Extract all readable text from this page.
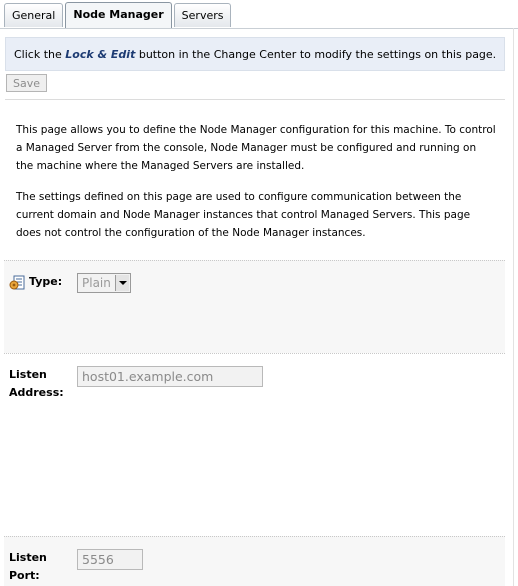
General	Node Manager	Servers
Click the Lock & Edit button in the Change Center to modify the settings on this page.
Save

This page allows you to define the Node Manager configuration for this machine. To control a Managed Server from the console, Node Manager must be configured and running on the machine where the Managed Servers are installed.

The settings defined on this page are used to configure communication between the current domain and Node Manager instances that control Managed Servers. This page does not control the configuration of the Node Manager instances.

Type:	Plain
Listen Address:
host01.example.com
Listen Port:
5556
